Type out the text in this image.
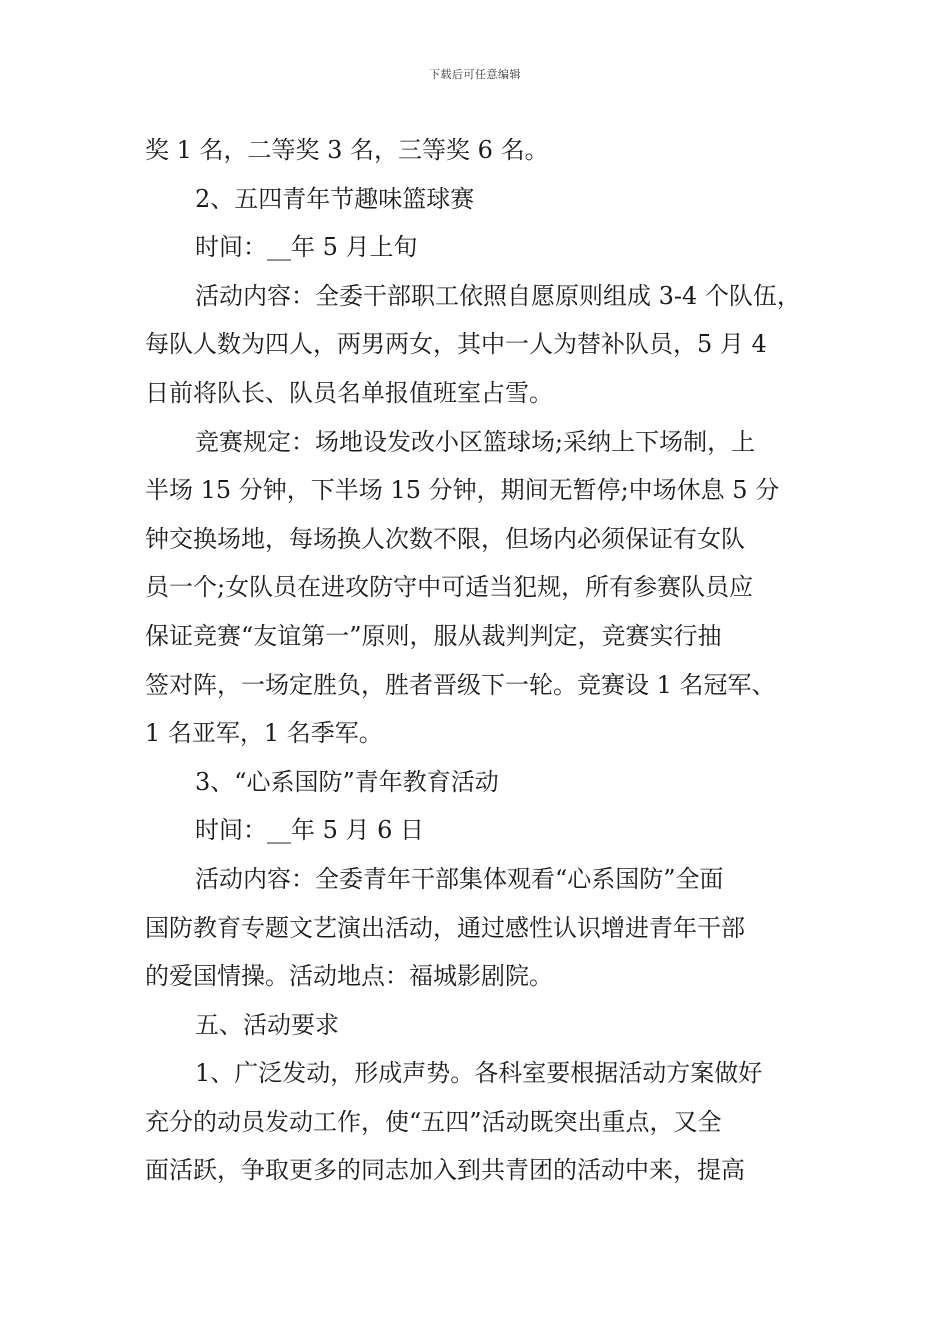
下载后可任意编辑
奖 1 名，二等奖 3 名，三等奖 6 名。
2、五四青年节趣味篮球赛
时间：__年 5 月上旬
活动内容：全委干部职工依照自愿原则组成 3-4 个队伍，
每队人数为四人，两男两女，其中一人为替补队员，5 月 4
日前将队长、队员名单报值班室占雪。
竞赛规定：场地设发改小区篮球场;采纳上下场制，上
半场 15 分钟，下半场 15 分钟，期间无暂停;中场休息 5 分
钟交换场地，每场换人次数不限，但场内必须保证有女队
员一个;女队员在进攻防守中可适当犯规，所有参赛队员应
保证竞赛“友谊第一”原则，服从裁判判定，竞赛实行抽
签对阵，一场定胜负，胜者晋级下一轮。竞赛设 1 名冠军、
1 名亚军，1 名季军。
3、“心系国防”青年教育活动
时间：__年 5 月 6 日
活动内容：全委青年干部集体观看“心系国防”全面
国防教育专题文艺演出活动，通过感性认识增进青年干部
的爱国情操。活动地点：福城影剧院。
五、活动要求
1、广泛发动，形成声势。各科室要根据活动方案做好
充分的动员发动工作，使“五四”活动既突出重点，又全
面活跃，争取更多的同志加入到共青团的活动中来，提高
